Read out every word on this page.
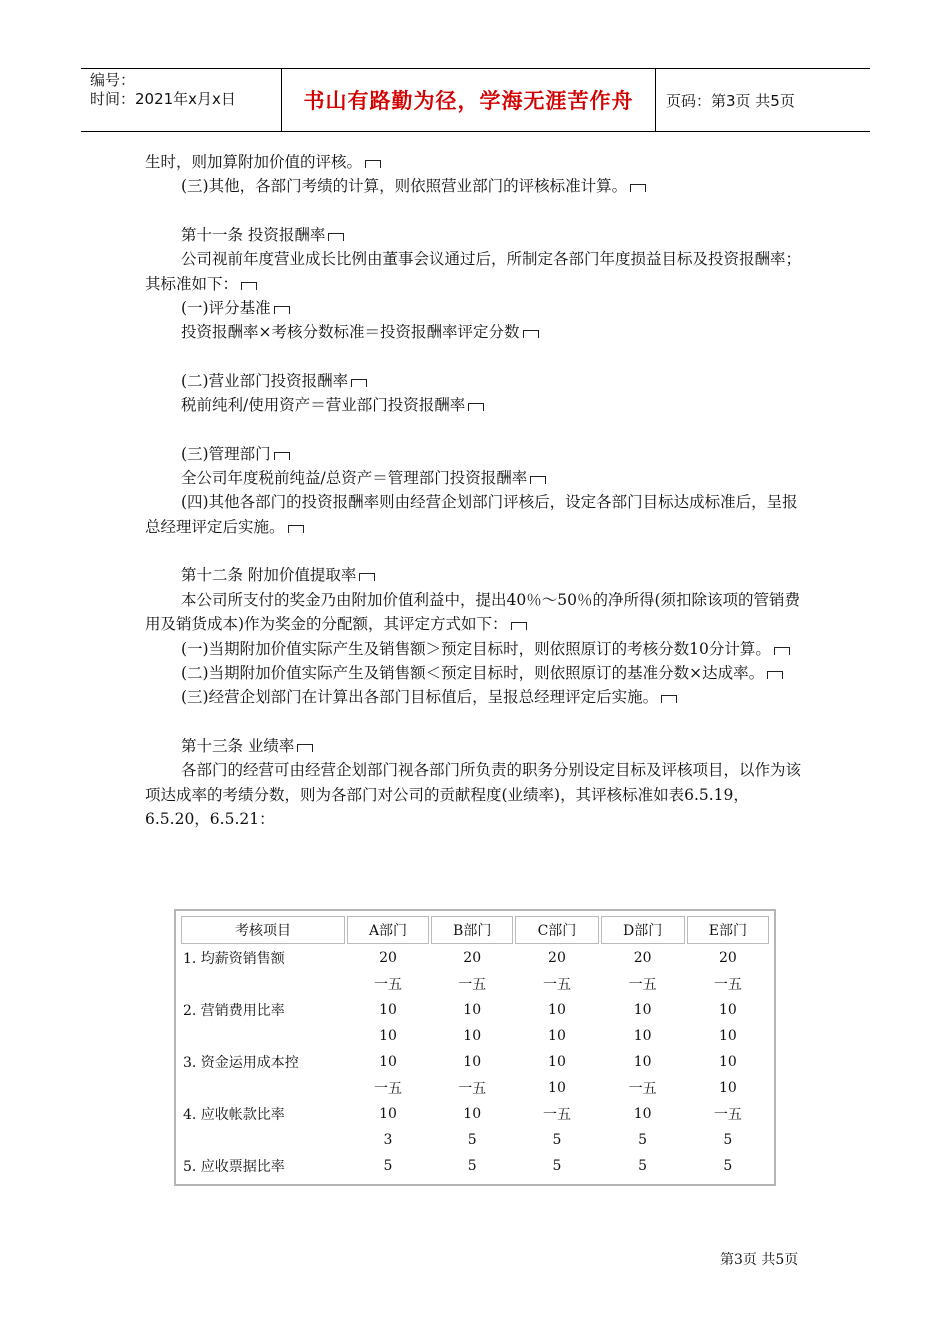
编号：
时间：2021年x月x日	书山有路勤为径，学海无涯苦作舟	页码：第3页 共5页
生时，则加算附加价值的评核。
(三)其他，各部门考绩的计算，则依照营业部门的评核标准计算。
第十一条 投资报酬率
公司视前年度营业成长比例由董事会议通过后，所制定各部门年度损益目标及投资报酬率；其标准如下：
(一)评分基准
投资报酬率×考核分数标准＝投资报酬率评定分数
(二)营业部门投资报酬率
税前纯利/使用资产＝营业部门投资报酬率
(三)管理部门
全公司年度税前纯益/总资产＝管理部门投资报酬率
(四)其他各部门的投资报酬率则由经营企划部门评核后，设定各部门目标达成标准后，呈报总经理评定后实施。
第十二条 附加价值提取率
本公司所支付的奖金乃由附加价值利益中，提出40％～50％的净所得(须扣除该项的管销费用及销货成本)作为奖金的分配额，其评定方式如下：
(一)当期附加价值实际产生及销售额＞预定目标时，则依照原订的考核分数10分计算。
(二)当期附加价值实际产生及销售额＜预定目标时，则依照原订的基准分数×达成率。
(三)经营企划部门在计算出各部门目标值后，呈报总经理评定后实施。
第十三条 业绩率
各部门的经营可由经营企划部门视各部门所负责的职务分别设定目标及评核项目，以作为该项达成率的考绩分数，则为各部门对公司的贡献程度(业绩率)，其评核标准如表6.5.19，6.5.20，6.5.21：
考核项目	A部门	B部门	C部门	D部门	E部门
1. 均薪资销售额	20	20	20	20	20
	一五	一五	一五	一五	一五
2. 营销费用比率	10	10	10	10	10
	10	10	10	10	10
3. 资金运用成本控	10	10	10	10	10
	一五	一五	10	一五	10
4. 应收帐款比率	10	10	一五	10	一五
	3	5	5	5	5
5. 应收票据比率	5	5	5	5	5
第3页 共5页
